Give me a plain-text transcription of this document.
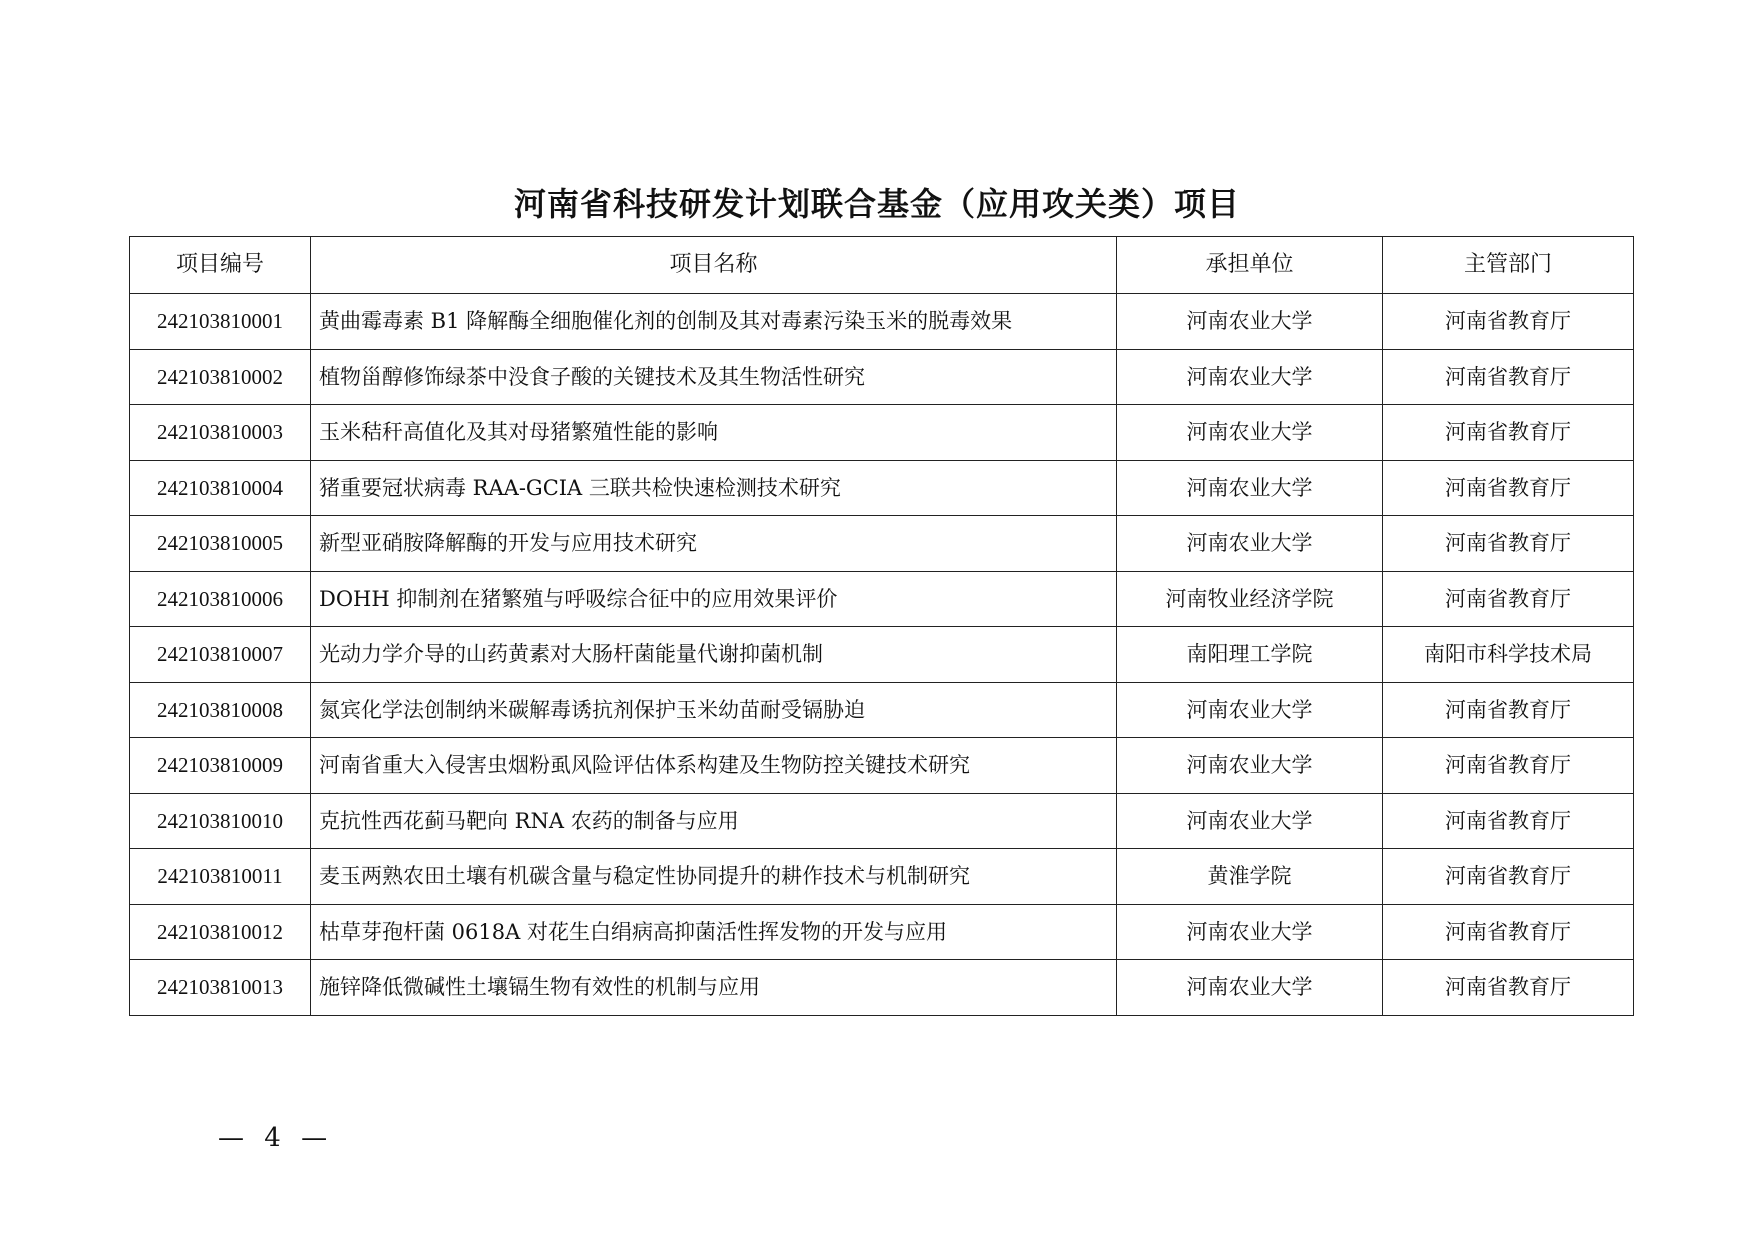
河南省科技研发计划联合基金（应用攻关类）项目
项目编号	项目名称	承担单位	主管部门
242103810001	黄曲霉毒素 B1 降解酶全细胞催化剂的创制及其对毒素污染玉米的脱毒效果	河南农业大学	河南省教育厅
242103810002	植物甾醇修饰绿茶中没食子酸的关键技术及其生物活性研究	河南农业大学	河南省教育厅
242103810003	玉米秸秆高值化及其对母猪繁殖性能的影响	河南农业大学	河南省教育厅
242103810004	猪重要冠状病毒 RAA-GCIA 三联共检快速检测技术研究	河南农业大学	河南省教育厅
242103810005	新型亚硝胺降解酶的开发与应用技术研究	河南农业大学	河南省教育厅
242103810006	DOHH 抑制剂在猪繁殖与呼吸综合征中的应用效果评价	河南牧业经济学院	河南省教育厅
242103810007	光动力学介导的山药黄素对大肠杆菌能量代谢抑菌机制	南阳理工学院	南阳市科学技术局
242103810008	氮宾化学法创制纳米碳解毒诱抗剂保护玉米幼苗耐受镉胁迫	河南农业大学	河南省教育厅
242103810009	河南省重大入侵害虫烟粉虱风险评估体系构建及生物防控关键技术研究	河南农业大学	河南省教育厅
242103810010	克抗性西花蓟马靶向 RNA 农药的制备与应用	河南农业大学	河南省教育厅
242103810011	麦玉两熟农田土壤有机碳含量与稳定性协同提升的耕作技术与机制研究	黄淮学院	河南省教育厅
242103810012	枯草芽孢杆菌 0618A 对花生白绢病高抑菌活性挥发物的开发与应用	河南农业大学	河南省教育厅
242103810013	施锌降低微碱性土壤镉生物有效性的机制与应用	河南农业大学	河南省教育厅
— 4 —
